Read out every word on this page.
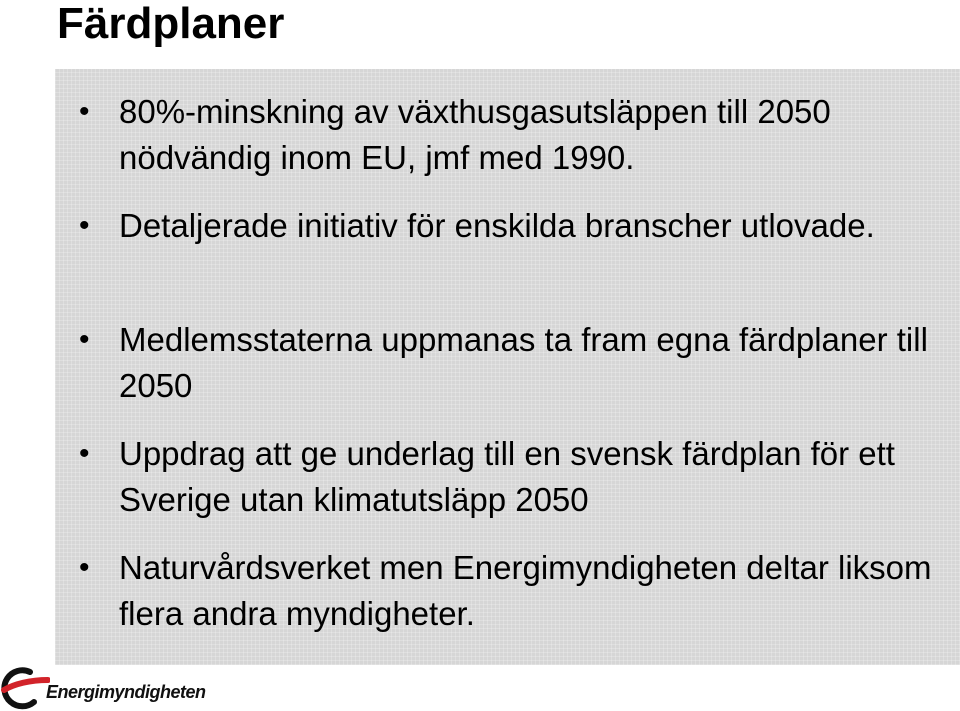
Färdplaner
• 80%-minskning av växthusgasutsläppen till 2050 nödvändig inom EU, jmf med 1990.
• Detaljerade initiativ för enskilda branscher utlovade.
• Medlemsstaterna uppmanas ta fram egna färdplaner till 2050
• Uppdrag att ge underlag till en svensk färdplan för ett Sverige utan klimatutsläpp 2050
• Naturvårdsverket men Energimyndigheten deltar liksom flera andra myndigheter.
Energimyndigheten
